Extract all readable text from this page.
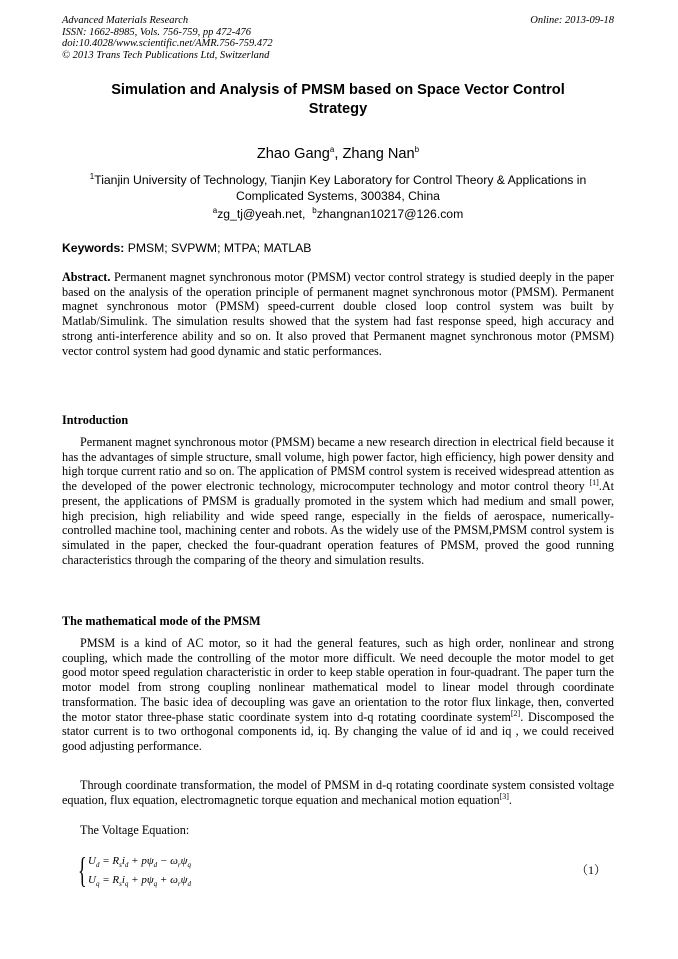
Advanced Materials Research
ISSN: 1662-8985, Vols. 756-759, pp 472-476
doi:10.4028/www.scientific.net/AMR.756-759.472
© 2013 Trans Tech Publications Ltd, Switzerland
Online: 2013-09-18
Simulation and Analysis of PMSM based on Space Vector Control
Strategy
Zhao Gang$^a$, Zhang Nan$^b$
$^1$Tianjin University of Technology, Tianjin Key Laboratory for Control Theory & Applications in Complicated Systems, 300384, China
$^a$zg_tj@yeah.net, $^b$zhangnan10217@126.com
Keywords: PMSM; SVPWM; MTPA; MATLAB

Abstract. Permanent magnet synchronous motor (PMSM) vector control strategy is studied deeply in the paper based on the analysis of the operation principle of permanent magnet synchronous motor (PMSM). Permanent magnet synchronous motor (PMSM) speed-current double closed loop control system was built by Matlab/Simulink. The simulation results showed that the system had fast response speed, high accuracy and strong anti-interference ability and so on. It also proved that Permanent magnet synchronous motor (PMSM) vector control system had good dynamic and static performances.

Introduction

Permanent magnet synchronous motor (PMSM) became a new research direction in electrical field because it has the advantages of simple structure, small volume, high power factor, high efficiency, high power density and high torque current ratio and so on. The application of PMSM control system is received widespread attention as the developed of the power electronic technology, microcomputer technology and motor control theory [1].At present, the applications of PMSM is gradually promoted in the system which had medium and small power, high precision, high reliability and wide speed range, especially in the fields of aerospace, numerically-controlled machine tool, machining center and robots. As the widely use of the PMSM,PMSM control system is simulated in the paper, checked the four-quadrant operation features of PMSM, proved the good running characteristics through the comparing of the theory and simulation results.

The mathematical mode of the PMSM

PMSM is a kind of AC motor, so it had the general features, such as high order, nonlinear and strong coupling, which made the controlling of the motor more difficult. We need decouple the motor model to get good motor speed regulation characteristic in order to keep stable operation in four-quadrant. The paper turn the motor model from strong coupling nonlinear mathematical model to linear model through coordinate transformation. The basic idea of decoupling was gave an orientation to the rotor flux linkage, then, converted the motor stator three-phase static coordinate system into d-q rotating coordinate system[2]. Discomposed the stator current is to two orthogonal components id, iq. By changing the value of id and iq , we could received good adjusting performance.

Through coordinate transformation, the model of PMSM in d-q rotating coordinate system consisted voltage equation, flux equation, electromagnetic torque equation and mechanical motion equation[3].

The Voltage Equation:

{ $U_d = R_si_d + p\psi_d - \omega_r\psi_q$
$U_q = R_si_q + p\psi_q + \omega_r\psi_d$
（1）
